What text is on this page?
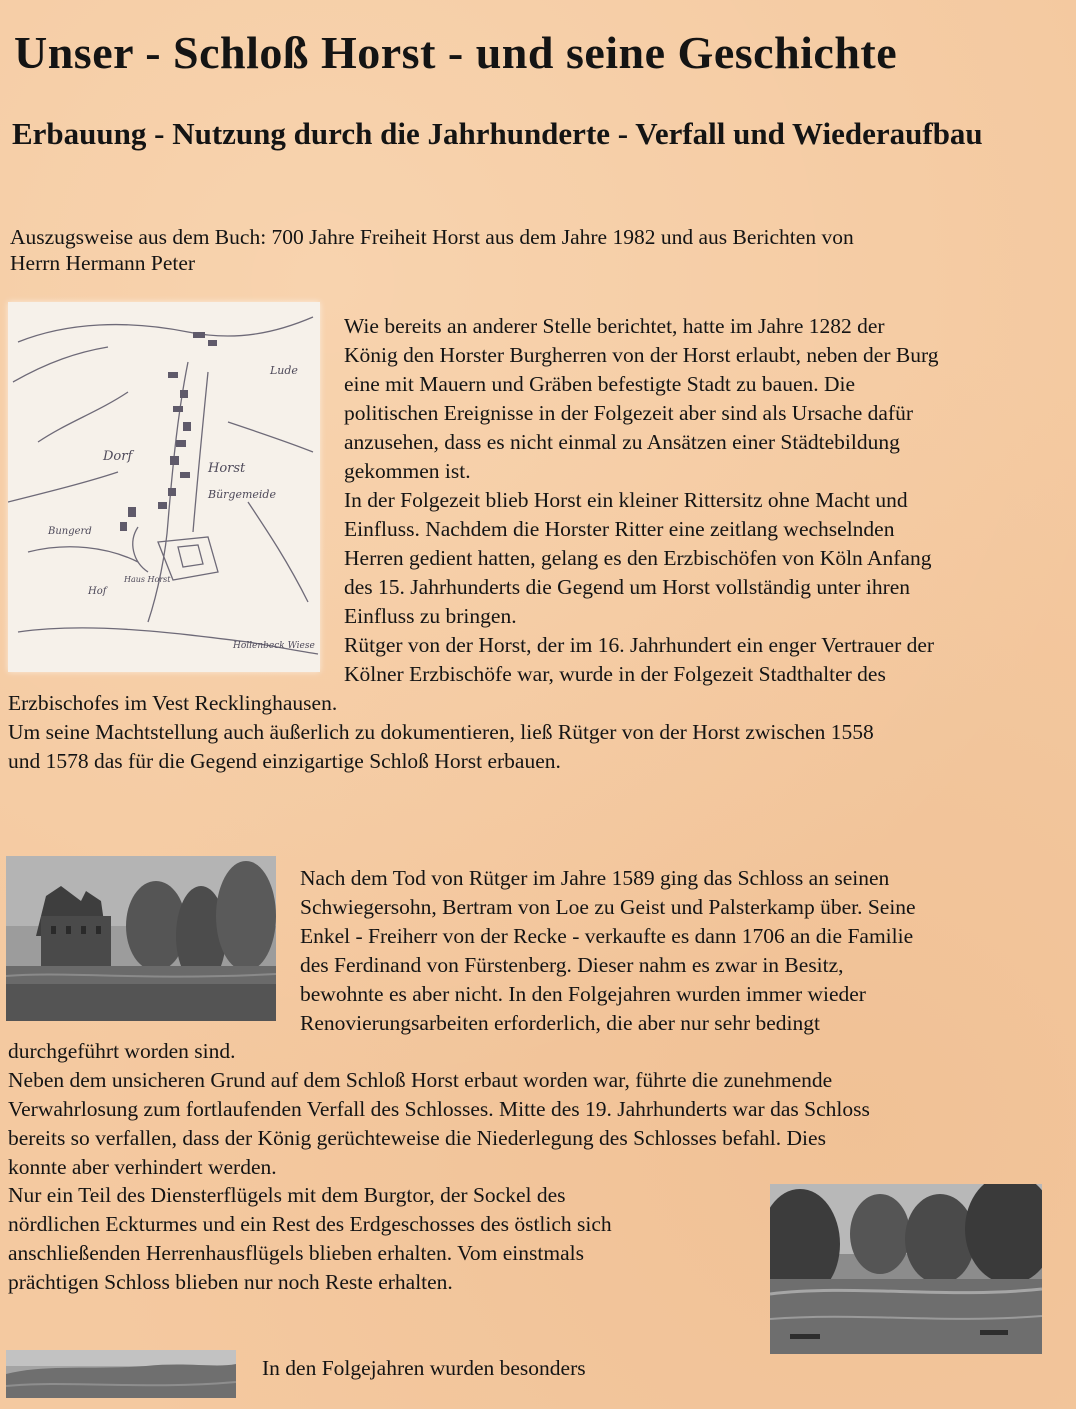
Unser - Schloß Horst - und seine Geschichte
Erbauung - Nutzung durch die Jahrhunderte - Verfall und Wiederaufbau
Auszugsweise aus dem Buch: 700 Jahre Freiheit Horst aus dem Jahre 1982 und aus Berichten von
Herrn Hermann Peter
Dorf
Horst
Bürgemeide
Bungerd
Hof
Haus Horst
Hollenbeck Wiese
Lude
Wie bereits an anderer Stelle berichtet, hatte im Jahre 1282 der
König den Horster Burgherren von der Horst erlaubt, neben der Burg
eine mit Mauern und Gräben befestigte Stadt zu bauen. Die
politischen Ereignisse in der Folgezeit aber sind als Ursache dafür
anzusehen, dass es nicht einmal zu Ansätzen einer Städtebildung
gekommen ist.
In der Folgezeit blieb Horst ein kleiner Rittersitz ohne Macht und
Einfluss. Nachdem die Horster Ritter eine zeitlang wechselnden
Herren gedient hatten, gelang es den Erzbischöfen von Köln Anfang
des 15. Jahrhunderts die Gegend um Horst vollständig unter ihren
Einfluss zu bringen.
Rütger von der Horst, der im 16. Jahrhundert ein enger Vertrauer der
Kölner Erzbischöfe war, wurde in der Folgezeit Stadthalter des
Erzbischofes im Vest Recklinghausen.
Um seine Machtstellung auch äußerlich zu dokumentieren, ließ Rütger von der Horst zwischen 1558
und 1578 das für die Gegend einzigartige Schloß Horst erbauen.
Nach dem Tod von Rütger im Jahre 1589 ging das Schloss an seinen
Schwiegersohn, Bertram von Loe zu Geist und Palsterkamp über. Seine
Enkel - Freiherr von der Recke - verkaufte es dann 1706 an die Familie
des Ferdinand von Fürstenberg. Dieser nahm es zwar in Besitz,
bewohnte es aber nicht. In den Folgejahren wurden immer wieder
Renovierungsarbeiten erforderlich, die aber nur sehr bedingt
durchgeführt worden sind.
Neben dem unsicheren Grund auf dem Schloß Horst erbaut worden war, führte die zunehmende
Verwahrlosung zum fortlaufenden Verfall des Schlosses. Mitte des 19. Jahrhunderts war das Schloss
bereits so verfallen, dass der König gerüchteweise die Niederlegung des Schlosses befahl. Dies
konnte aber verhindert werden.
Nur ein Teil des Diensterflügels mit dem Burgtor, der Sockel des
nördlichen Eckturmes und ein Rest des Erdgeschosses des östlich sich
anschließenden Herrenhausflügels blieben erhalten. Vom einstmals
prächtigen Schloss blieben nur noch Reste erhalten.
In den Folgejahren wurden besonders
